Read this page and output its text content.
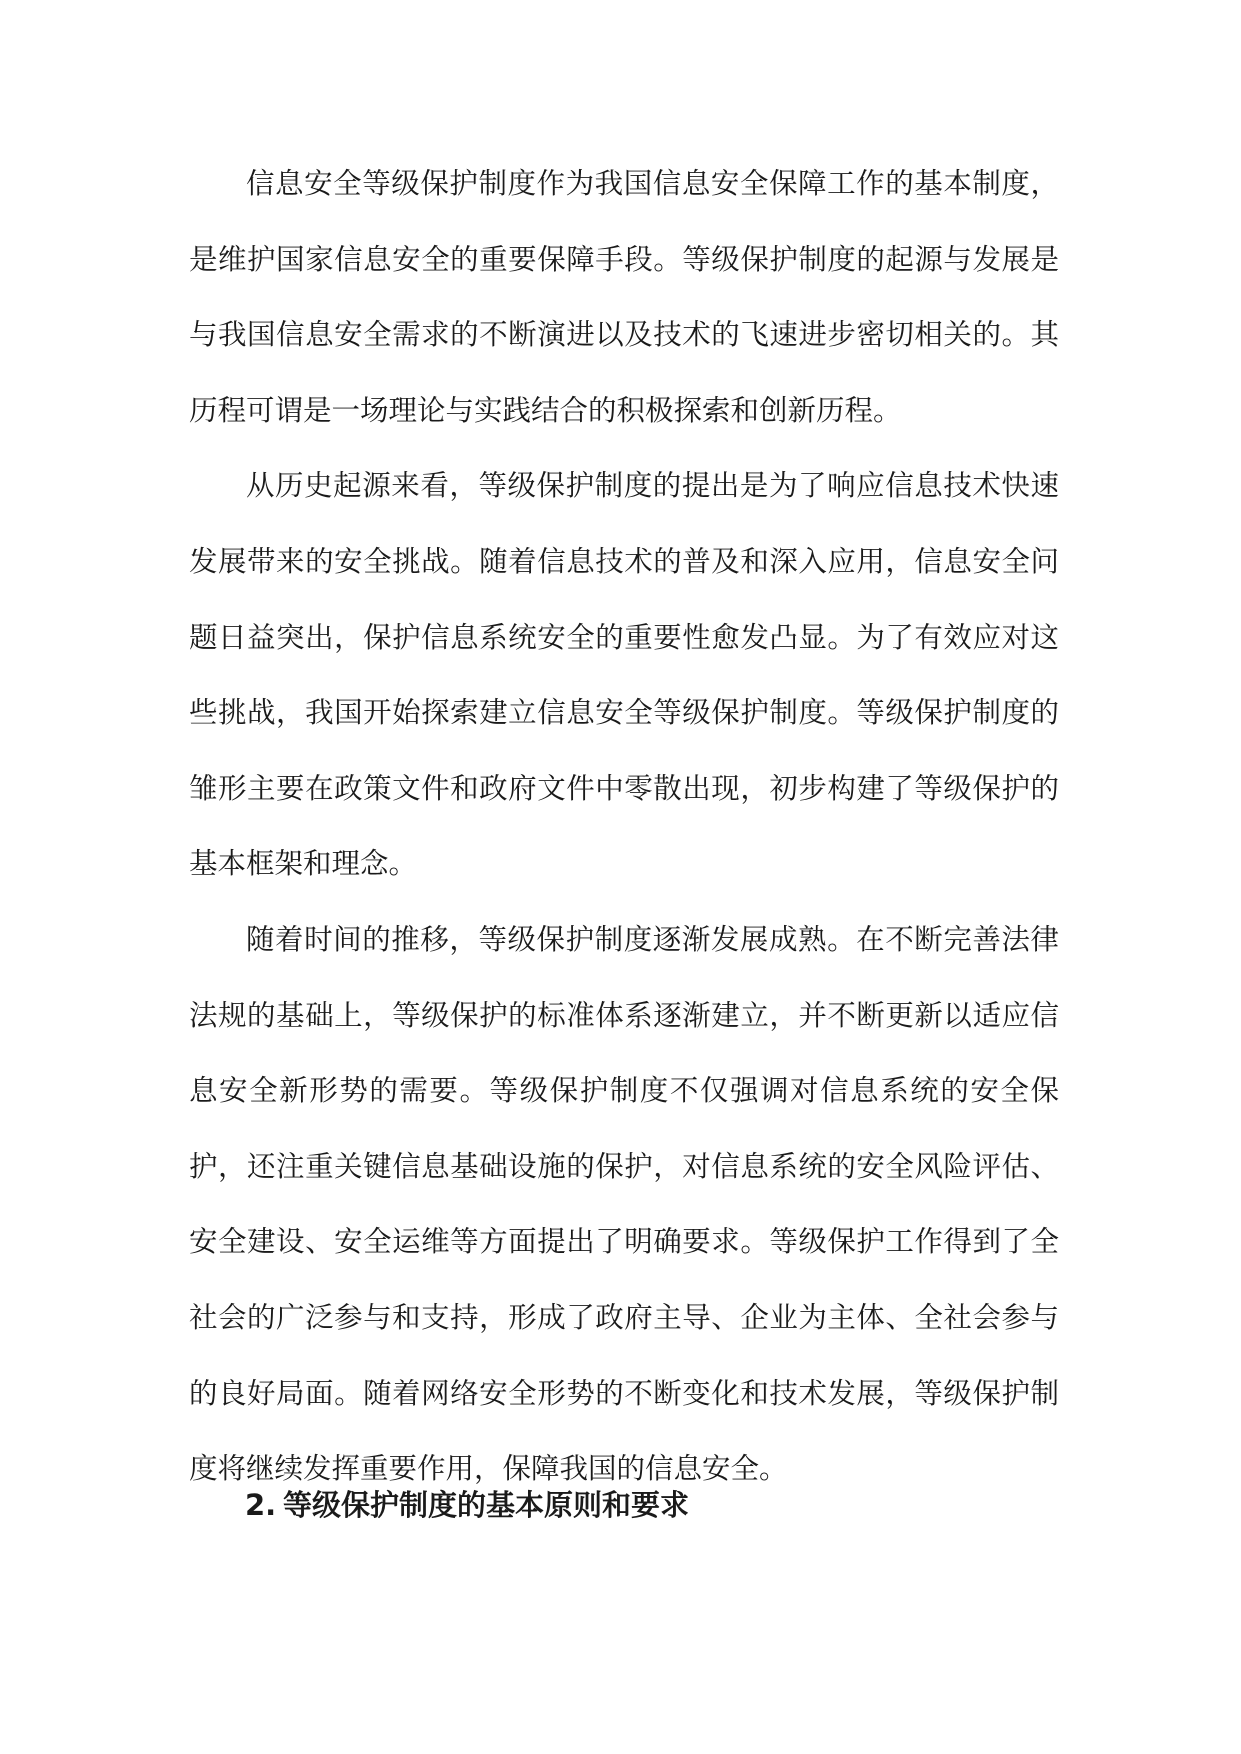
信息安全等级保护制度作为我国信息安全保障工作的基本制度，是维护国家信息安全的重要保障手段。等级保护制度的起源与发展是与我国信息安全需求的不断演进以及技术的飞速进步密切相关的。其历程可谓是一场理论与实践结合的积极探索和创新历程。

从历史起源来看，等级保护制度的提出是为了响应信息技术快速发展带来的安全挑战。随着信息技术的普及和深入应用，信息安全问题日益突出，保护信息系统安全的重要性愈发凸显。为了有效应对这些挑战，我国开始探索建立信息安全等级保护制度。等级保护制度的雏形主要在政策文件和政府文件中零散出现，初步构建了等级保护的基本框架和理念。

随着时间的推移，等级保护制度逐渐发展成熟。在不断完善法律法规的基础上，等级保护的标准体系逐渐建立，并不断更新以适应信息安全新形势的需要。等级保护制度不仅强调对信息系统的安全保护，还注重关键信息基础设施的保护，对信息系统的安全风险评估、安全建设、安全运维等方面提出了明确要求。等级保护工作得到了全社会的广泛参与和支持，形成了政府主导、企业为主体、全社会参与的良好局面。随着网络安全形势的不断变化和技术发展，等级保护制度将继续发挥重要作用，保障我国的信息安全。

2. 等级保护制度的基本原则和要求
